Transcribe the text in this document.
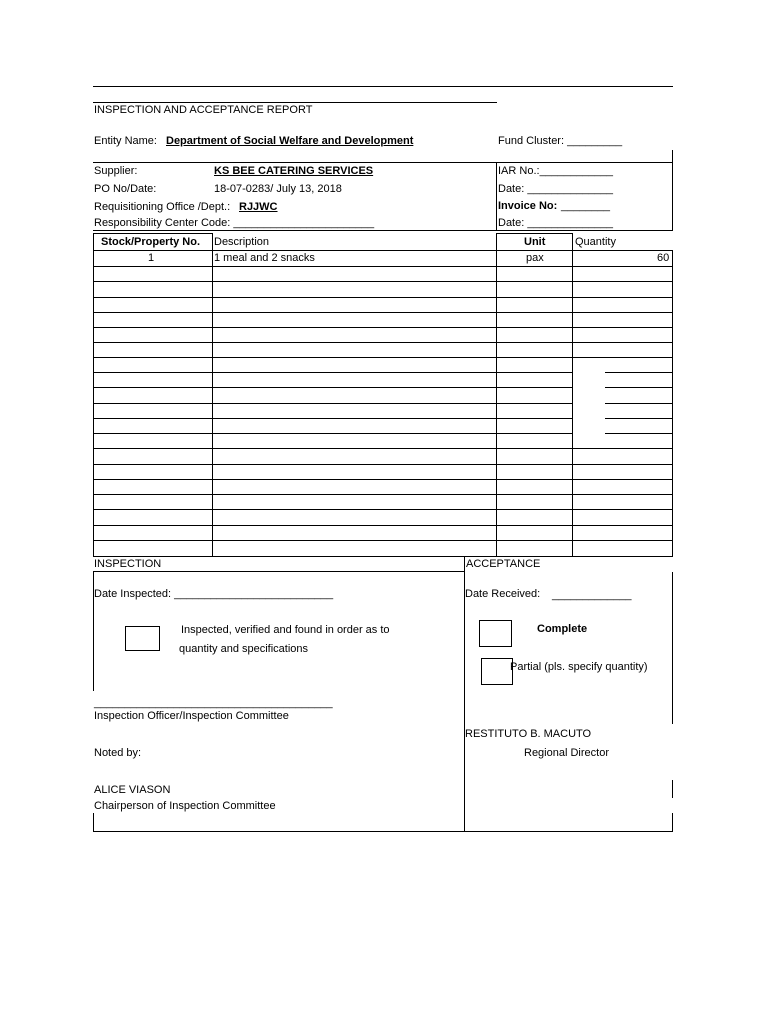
INSPECTION AND ACCEPTANCE REPORT
Entity Name: Department of Social Welfare and Development	Fund Cluster: _________
Supplier:	KS BEE CATERING SERVICES
PO No/Date:	18-07-0283/ July 13, 2018
Requisitioning Office /Dept.: RJJWC
Responsibility Center Code: _______________________
IAR No.:____________
Date: ______________
Invoice No: ________
Date: ______________
Stock/Property No. Description	Unit	Quantity
1	1 meal and 2 snacks	pax	60
INSPECTION	ACCEPTANCE
Date Inspected: __________________________	Date Received: _____________
Inspected, verified and found in order as to
quantity and specifications
Complete
Partial (pls. specify quantity)
_______________________________________
Inspection Officer/Inspection Committee
RESTITUTO B. MACUTO
Regional Director
Noted by:
ALICE VIASON
Chairperson of Inspection Committee
